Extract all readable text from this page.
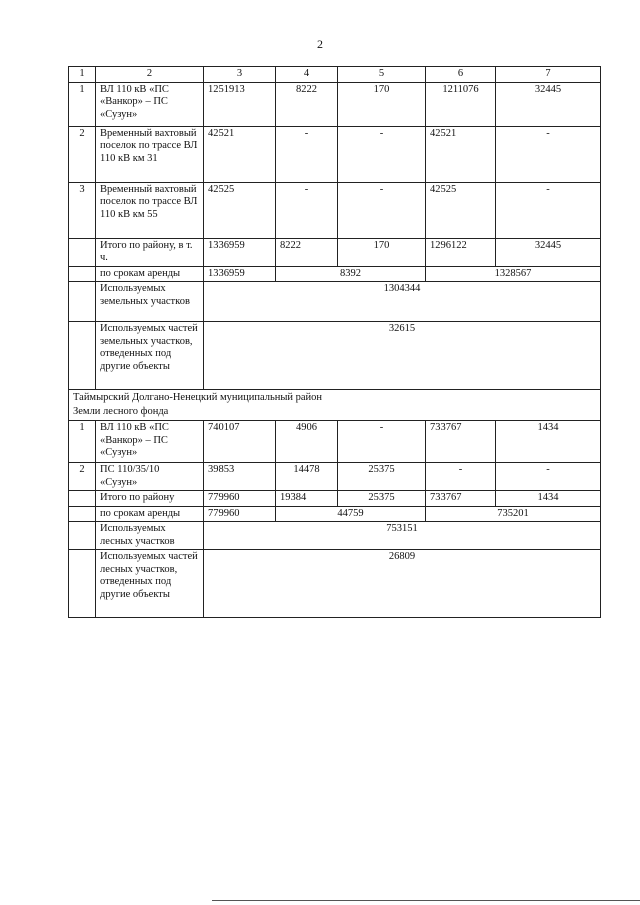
2
1	2	3	4	5	6	7
1	ВЛ 110 кВ «ПС «Ванкор» – ПС «Сузун»	1251913	8222	170	1211076	32445
2	Временный вахтовый поселок по трассе ВЛ 110 кВ км 31	42521	-	-	42521	-
3	Временный вахтовый поселок по трассе ВЛ 110 кВ км 55	42525	-	-	42525	-
	Итого по району, в т. ч.	1336959	8222	170	1296122	32445
	по срокам аренды	1336959	8392		1328567	
	Используемых земельных участков	1304344				
	Используемых частей земельных участков, отведенных под другие объекты	32615				

Таймырский Долгано-Ненецкий муниципальный район
Земли лесного фонда						

1	ВЛ 110 кВ «ПС «Ванкор» – ПС «Сузун»	740107	4906	-	733767	1434
2	ПС 110/35/10 «Сузун»	39853	14478	25375	-	-
	Итого по району	779960	19384	25375	733767	1434
	по срокам аренды	779960	44759		735201	
	Используемых лесных участков	753151				
	Используемых частей лесных участков, отведенных под другие объекты	26809				
